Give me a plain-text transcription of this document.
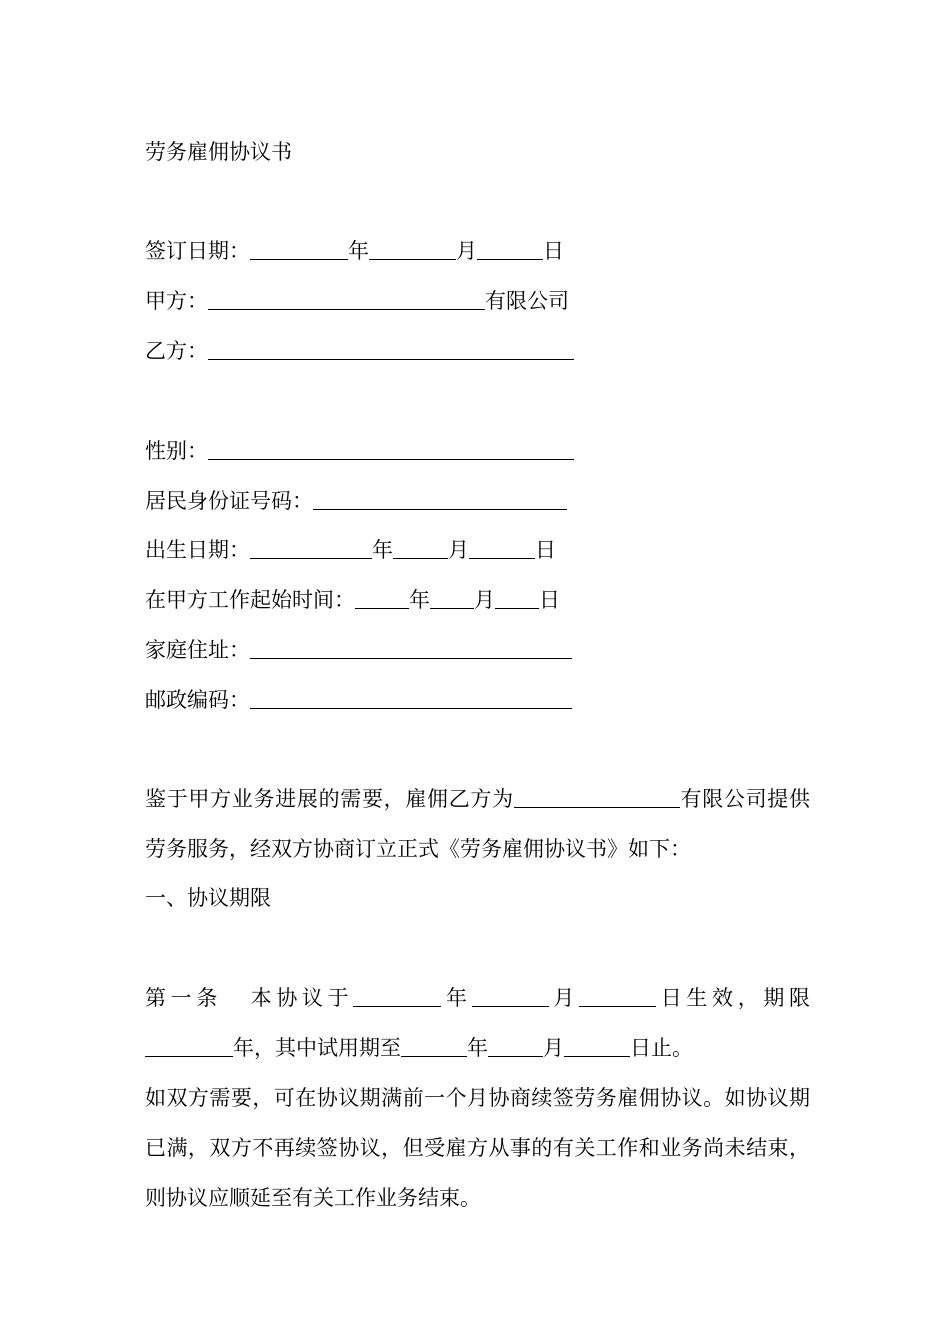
劳务雇佣协议书
签订日期：	年	月	日
甲方：	有限公司
乙方：
性别：
居民身份证号码：
出生日期：	年	月	日
在甲方工作起始时间：	年 月 日
家庭住址：
邮政编码：
鉴于甲方业务进展的需要，雇佣乙方为	有限公司提供劳务服务，经双方协商订立正式《劳务雇佣协议书》如下：
一、协议期限
第一条 本协议于	年	月	日生效，期限年，其中试用期至	年	月	日止。
如双方需要，可在协议期满前一个月协商续签劳务雇佣协议。如协议期已满，双方不再续签协议，但受雇方从事的有关工作和业务尚未结束，则协议应顺延至有关工作业务结束。
